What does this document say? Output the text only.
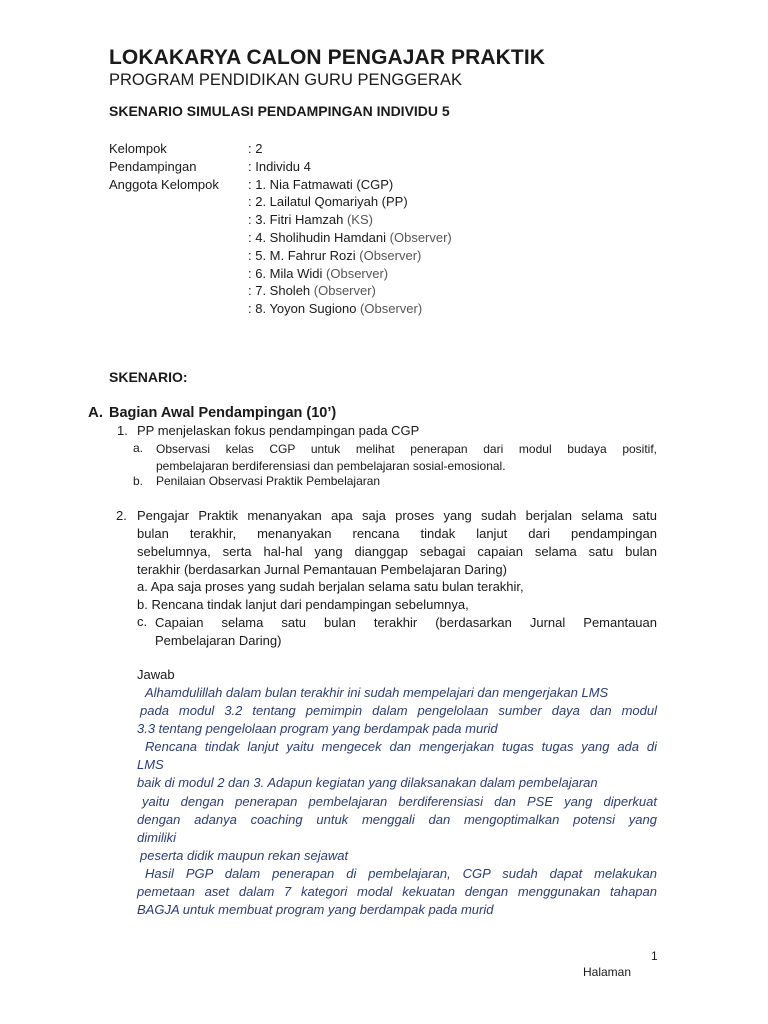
LOKAKARYA CALON PENGAJAR PRAKTIK
PROGRAM PENDIDIKAN GURU PENGGERAK
SKENARIO SIMULASI PENDAMPINGAN INDIVIDU 5
Kelompok	: 2
Pendampingan	: Individu 4
Anggota Kelompok	: 1. Nia Fatmawati (CGP)
: 2. Lailatul Qomariyah (PP)
: 3. Fitri Hamzah (KS)
: 4. Sholihudin Hamdani (Observer)
: 5. M. Fahrur Rozi (Observer)
: 6. Mila Widi (Observer)
: 7. Sholeh (Observer)
: 8. Yoyon Sugiono (Observer)
SKENARIO:
A. Bagian Awal Pendampingan (10’)
1. PP menjelaskan fokus pendampingan pada CGP
a. Observasi kelas CGP untuk melihat penerapan dari modul budaya positif,
pembelajaran berdiferensiasi dan pembelajaran sosial-emosional.
b. Penilaian Observasi Praktik Pembelajaran
2. Pengajar Praktik menanyakan apa saja proses yang sudah berjalan selama satu
bulan terakhir, menanyakan rencana tindak lanjut dari pendampingan
sebelumnya, serta hal-hal yang dianggap sebagai capaian selama satu bulan
terakhir (berdasarkan Jurnal Pemantauan Pembelajaran Daring)
a. Apa saja proses yang sudah berjalan selama satu bulan terakhir,
b. Rencana tindak lanjut dari pendampingan sebelumnya,
c. Capaian selama satu bulan terakhir (berdasarkan Jurnal Pemantauan
Pembelajaran Daring)
Jawab
Alhamdulillah dalam bulan terakhir ini sudah mempelajari dan mengerjakan LMS
pada modul 3.2 tentang pemimpin dalam pengelolaan sumber daya dan modul
3.3 tentang pengelolaan program yang berdampak pada murid
Rencana tindak lanjut yaitu mengecek dan mengerjakan tugas tugas yang ada di
LMS
baik di modul 2 dan 3. Adapun kegiatan yang dilaksanakan dalam pembelajaran
yaitu dengan penerapan pembelajaran berdiferensiasi dan PSE yang diperkuat
dengan adanya coaching untuk menggali dan mengoptimalkan potensi yang
dimiliki
peserta didik maupun rekan sejawat
Hasil PGP dalam penerapan di pembelajaran, CGP sudah dapat melakukan
pemetaan aset dalam 7 kategori modal kekuatan dengan menggunakan tahapan
BAGJA untuk membuat program yang berdampak pada murid
1
Halaman
